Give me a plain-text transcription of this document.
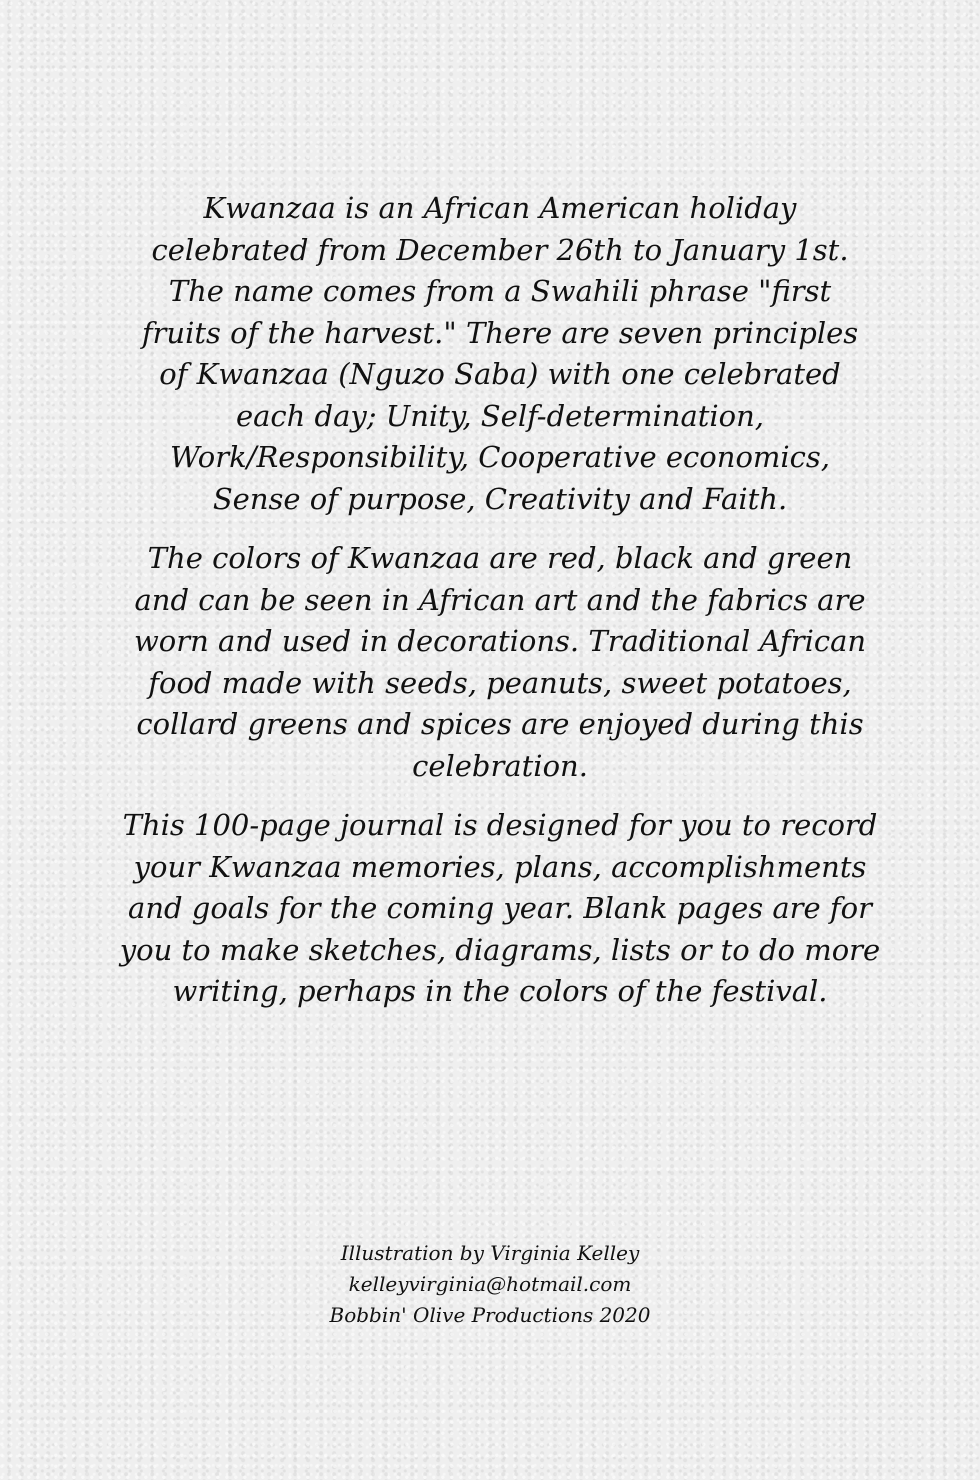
Kwanzaa is an African American holiday celebrated from December 26th to January 1st. The name comes from a Swahili phrase "first fruits of the harvest." There are seven principles of Kwanzaa (Nguzo Saba) with one celebrated each day; Unity, Self-determination, Work/Responsibility, Cooperative economics, Sense of purpose, Creativity and Faith.

The colors of Kwanzaa are red, black and green and can be seen in African art and the fabrics are worn and used in decorations. Traditional African food made with seeds, peanuts, sweet potatoes, collard greens and spices are enjoyed during this celebration.

This 100-page journal is designed for you to record your Kwanzaa memories, plans, accomplishments and goals for the coming year. Blank pages are for you to make sketches, diagrams, lists or to do more writing, perhaps in the colors of the festival.

Illustration by Virginia Kelley
kelleyvirginia@hotmail.com
Bobbin' Olive Productions 2020
